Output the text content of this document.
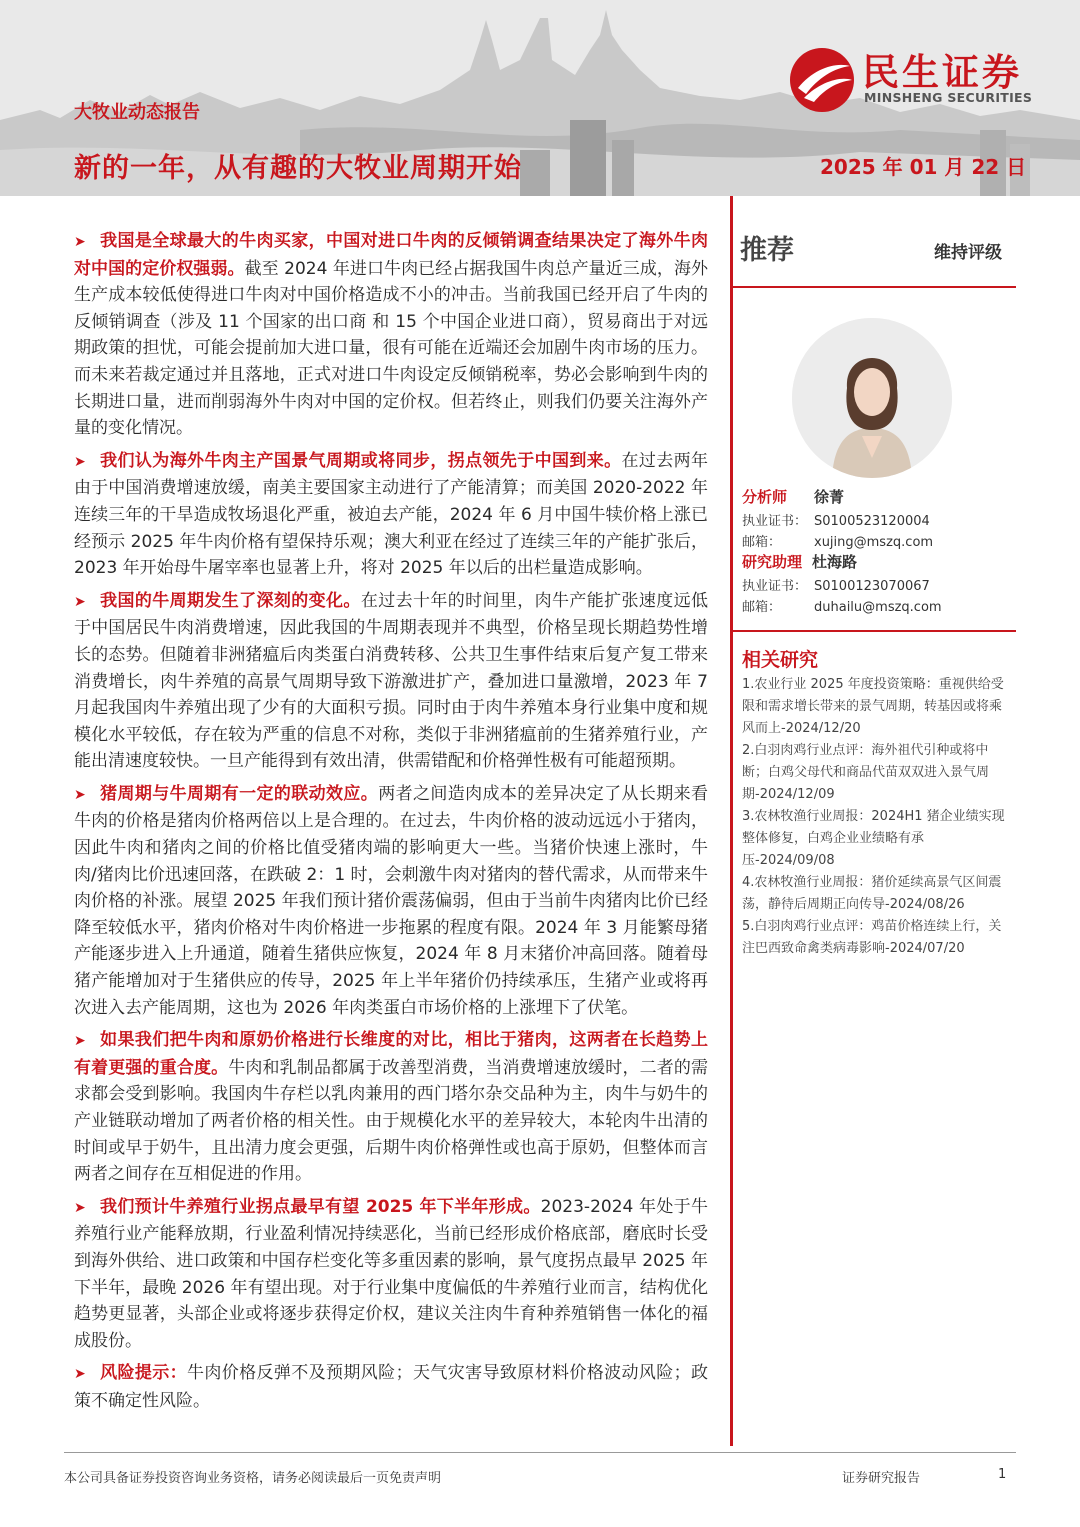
大牧业动态报告
新的一年，从有趣的大牧业周期开始	2025 年 01 月 22 日
民生证券
MINSHENG SECURITIES

➤ 我国是全球最大的牛肉买家，中国对进口牛肉的反倾销调查结果决定了海外牛肉对中国的定价权强弱。截至 2024 年进口牛肉已经占据我国牛肉总产量近三成，海外生产成本较低使得进口牛肉对中国价格造成不小的冲击。当前我国已经开启了牛肉的反倾销调查（涉及 11 个国家的出口商 和 15 个中国企业进口商），贸易商出于对远期政策的担忧，可能会提前加大进口量，很有可能在近端还会加剧牛肉市场的压力。而未来若裁定通过并且落地，正式对进口牛肉设定反倾销税率，势必会影响到牛肉的长期进口量，进而削弱海外牛肉对中国的定价权。但若终止，则我们仍要关注海外产量的变化情况。

➤ 我们认为海外牛肉主产国景气周期或将同步，拐点领先于中国到来。在过去两年由于中国消费增速放缓，南美主要国家主动进行了产能清算；而美国 2020-2022 年连续三年的干旱造成牧场退化严重，被迫去产能，2024 年 6 月中国牛犊价格上涨已经预示 2025 年牛肉价格有望保持乐观；澳大利亚在经过了连续三年的产能扩张后，2023 年开始母牛屠宰率也显著上升，将对 2025 年以后的出栏量造成影响。

➤ 我国的牛周期发生了深刻的变化。在过去十年的时间里，肉牛产能扩张速度远低于中国居民牛肉消费增速，因此我国的牛周期表现并不典型，价格呈现长期趋势性增长的态势。但随着非洲猪瘟后肉类蛋白消费转移、公共卫生事件结束后复产复工带来消费增长，肉牛养殖的高景气周期导致下游激进扩产，叠加进口量激增，2023 年 7 月起我国肉牛养殖出现了少有的大面积亏损。同时由于肉牛养殖本身行业集中度和规模化水平较低，存在较为严重的信息不对称，类似于非洲猪瘟前的生猪养殖行业，产能出清速度较快。一旦产能得到有效出清，供需错配和价格弹性极有可能超预期。

➤ 猪周期与牛周期有一定的联动效应。两者之间造肉成本的差异决定了从长期来看牛肉的价格是猪肉价格两倍以上是合理的。在过去，牛肉价格的波动远远小于猪肉，因此牛肉和猪肉之间的价格比值受猪肉端的影响更大一些。当猪价快速上涨时，牛肉/猪肉比价迅速回落，在跌破 2：1 时，会刺激牛肉对猪肉的替代需求，从而带来牛肉价格的补涨。展望 2025 年我们预计猪价震荡偏弱，但由于当前牛肉猪肉比价已经降至较低水平，猪肉价格对牛肉价格进一步拖累的程度有限。2024 年 3 月能繁母猪产能逐步进入上升通道，随着生猪供应恢复，2024 年 8 月末猪价冲高回落。随着母猪产能增加对于生猪供应的传导，2025 年上半年猪价仍持续承压，生猪产业或将再次进入去产能周期，这也为 2026 年肉类蛋白市场价格的上涨埋下了伏笔。

➤ 如果我们把牛肉和原奶价格进行长维度的对比，相比于猪肉，这两者在长趋势上有着更强的重合度。牛肉和乳制品都属于改善型消费，当消费增速放缓时，二者的需求都会受到影响。我国肉牛存栏以乳肉兼用的西门塔尔杂交品种为主，肉牛与奶牛的产业链联动增加了两者价格的相关性。由于规模化水平的差异较大，本轮肉牛出清的时间或早于奶牛，且出清力度会更强，后期牛肉价格弹性或也高于原奶，但整体而言两者之间存在互相促进的作用。

➤ 我们预计牛养殖行业拐点最早有望 2025 年下半年形成。2023-2024 年处于牛养殖行业产能释放期，行业盈利情况持续恶化，当前已经形成价格底部，磨底时长受到海外供给、进口政策和中国存栏变化等多重因素的影响，景气度拐点最早 2025 年下半年，最晚 2026 年有望出现。对于行业集中度偏低的牛养殖行业而言，结构优化趋势更显著，头部企业或将逐步获得定价权，建议关注肉牛育种养殖销售一体化的福成股份。

➤ 风险提示：牛肉价格反弹不及预期风险；天气灾害导致原材料价格波动风险；政策不确定性风险。

推荐	维持评级
分析师 徐菁
执业证书： S0100523120004
邮箱：	xujing@mszq.com
研究助理 杜海路
执业证书： S0100123070067
邮箱：	duhailu@mszq.com
相关研究

1.农业行业 2025 年度投资策略：重视供给受限和需求增长带来的景气周期，转基因或将乘风而上-2024/12/20

2.白羽肉鸡行业点评：海外祖代引种或将中断；白鸡父母代和商品代苗双双进入景气周期-2024/12/09

3.农林牧渔行业周报：2024H1 猪企业绩实现整体修复，白鸡企业业绩略有承压-2024/09/08

4.农林牧渔行业周报：猪价延续高景气区间震荡，静待后周期正向传导-2024/08/26

5.白羽肉鸡行业点评：鸡苗价格连续上行，关注巴西致命禽类病毒影响-2024/07/20

本公司具备证券投资咨询业务资格，请务必阅读最后一页免责声明	证券研究报告	1
